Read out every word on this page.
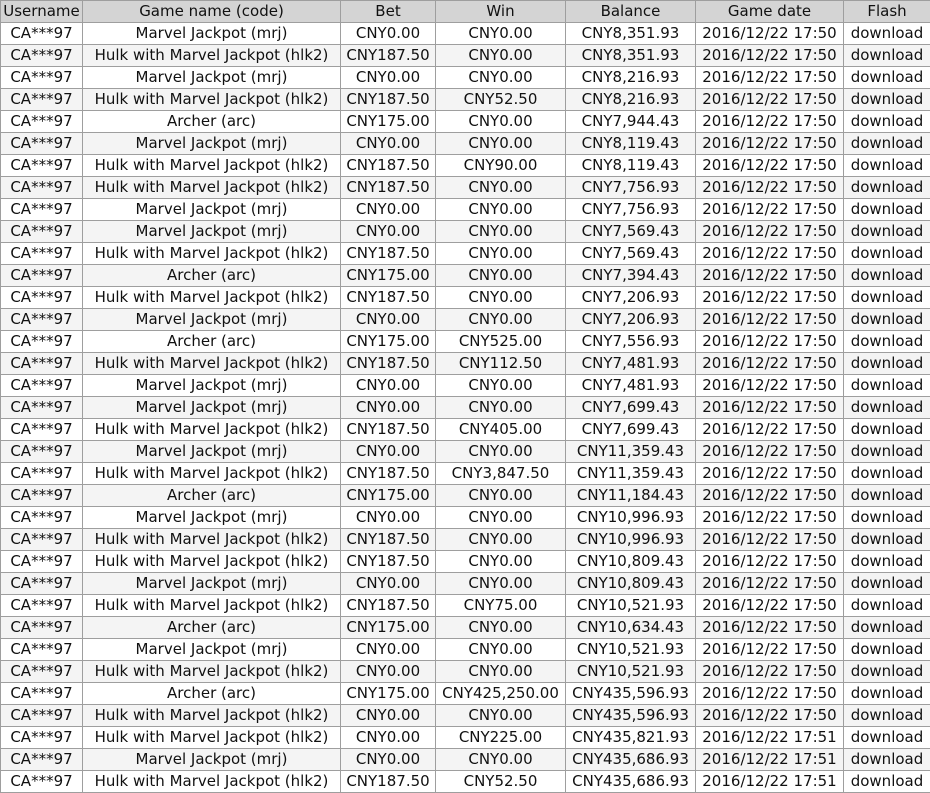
Username	Game name (code)	Bet	Win	Balance	Game date	Flash
CA***97	Marvel Jackpot (mrj)	CNY0.00	CNY0.00	CNY8,351.93	2016/12/22 17:50	download
CA***97	Hulk with Marvel Jackpot (hlk2)	CNY187.50	CNY0.00	CNY8,351.93	2016/12/22 17:50	download
CA***97	Marvel Jackpot (mrj)	CNY0.00	CNY0.00	CNY8,216.93	2016/12/22 17:50	download
CA***97	Hulk with Marvel Jackpot (hlk2)	CNY187.50	CNY52.50	CNY8,216.93	2016/12/22 17:50	download
CA***97	Archer (arc)	CNY175.00	CNY0.00	CNY7,944.43	2016/12/22 17:50	download
CA***97	Marvel Jackpot (mrj)	CNY0.00	CNY0.00	CNY8,119.43	2016/12/22 17:50	download
CA***97	Hulk with Marvel Jackpot (hlk2)	CNY187.50	CNY90.00	CNY8,119.43	2016/12/22 17:50	download
CA***97	Hulk with Marvel Jackpot (hlk2)	CNY187.50	CNY0.00	CNY7,756.93	2016/12/22 17:50	download
CA***97	Marvel Jackpot (mrj)	CNY0.00	CNY0.00	CNY7,756.93	2016/12/22 17:50	download
CA***97	Marvel Jackpot (mrj)	CNY0.00	CNY0.00	CNY7,569.43	2016/12/22 17:50	download
CA***97	Hulk with Marvel Jackpot (hlk2)	CNY187.50	CNY0.00	CNY7,569.43	2016/12/22 17:50	download
CA***97	Archer (arc)	CNY175.00	CNY0.00	CNY7,394.43	2016/12/22 17:50	download
CA***97	Hulk with Marvel Jackpot (hlk2)	CNY187.50	CNY0.00	CNY7,206.93	2016/12/22 17:50	download
CA***97	Marvel Jackpot (mrj)	CNY0.00	CNY0.00	CNY7,206.93	2016/12/22 17:50	download
CA***97	Archer (arc)	CNY175.00	CNY525.00	CNY7,556.93	2016/12/22 17:50	download
CA***97	Hulk with Marvel Jackpot (hlk2)	CNY187.50	CNY112.50	CNY7,481.93	2016/12/22 17:50	download
CA***97	Marvel Jackpot (mrj)	CNY0.00	CNY0.00	CNY7,481.93	2016/12/22 17:50	download
CA***97	Marvel Jackpot (mrj)	CNY0.00	CNY0.00	CNY7,699.43	2016/12/22 17:50	download
CA***97	Hulk with Marvel Jackpot (hlk2)	CNY187.50	CNY405.00	CNY7,699.43	2016/12/22 17:50	download
CA***97	Marvel Jackpot (mrj)	CNY0.00	CNY0.00	CNY11,359.43	2016/12/22 17:50	download
CA***97	Hulk with Marvel Jackpot (hlk2)	CNY187.50	CNY3,847.50	CNY11,359.43	2016/12/22 17:50	download
CA***97	Archer (arc)	CNY175.00	CNY0.00	CNY11,184.43	2016/12/22 17:50	download
CA***97	Marvel Jackpot (mrj)	CNY0.00	CNY0.00	CNY10,996.93	2016/12/22 17:50	download
CA***97	Hulk with Marvel Jackpot (hlk2)	CNY187.50	CNY0.00	CNY10,996.93	2016/12/22 17:50	download
CA***97	Hulk with Marvel Jackpot (hlk2)	CNY187.50	CNY0.00	CNY10,809.43	2016/12/22 17:50	download
CA***97	Marvel Jackpot (mrj)	CNY0.00	CNY0.00	CNY10,809.43	2016/12/22 17:50	download
CA***97	Hulk with Marvel Jackpot (hlk2)	CNY187.50	CNY75.00	CNY10,521.93	2016/12/22 17:50	download
CA***97	Archer (arc)	CNY175.00	CNY0.00	CNY10,634.43	2016/12/22 17:50	download
CA***97	Marvel Jackpot (mrj)	CNY0.00	CNY0.00	CNY10,521.93	2016/12/22 17:50	download
CA***97	Hulk with Marvel Jackpot (hlk2)	CNY0.00	CNY0.00	CNY10,521.93	2016/12/22 17:50	download
CA***97	Archer (arc)	CNY175.00	CNY425,250.00	CNY435,596.93	2016/12/22 17:50	download
CA***97	Hulk with Marvel Jackpot (hlk2)	CNY0.00	CNY0.00	CNY435,596.93	2016/12/22 17:50	download
CA***97	Hulk with Marvel Jackpot (hlk2)	CNY0.00	CNY225.00	CNY435,821.93	2016/12/22 17:51	download
CA***97	Marvel Jackpot (mrj)	CNY0.00	CNY0.00	CNY435,686.93	2016/12/22 17:51	download
CA***97	Hulk with Marvel Jackpot (hlk2)	CNY187.50	CNY52.50	CNY435,686.93	2016/12/22 17:51	download
